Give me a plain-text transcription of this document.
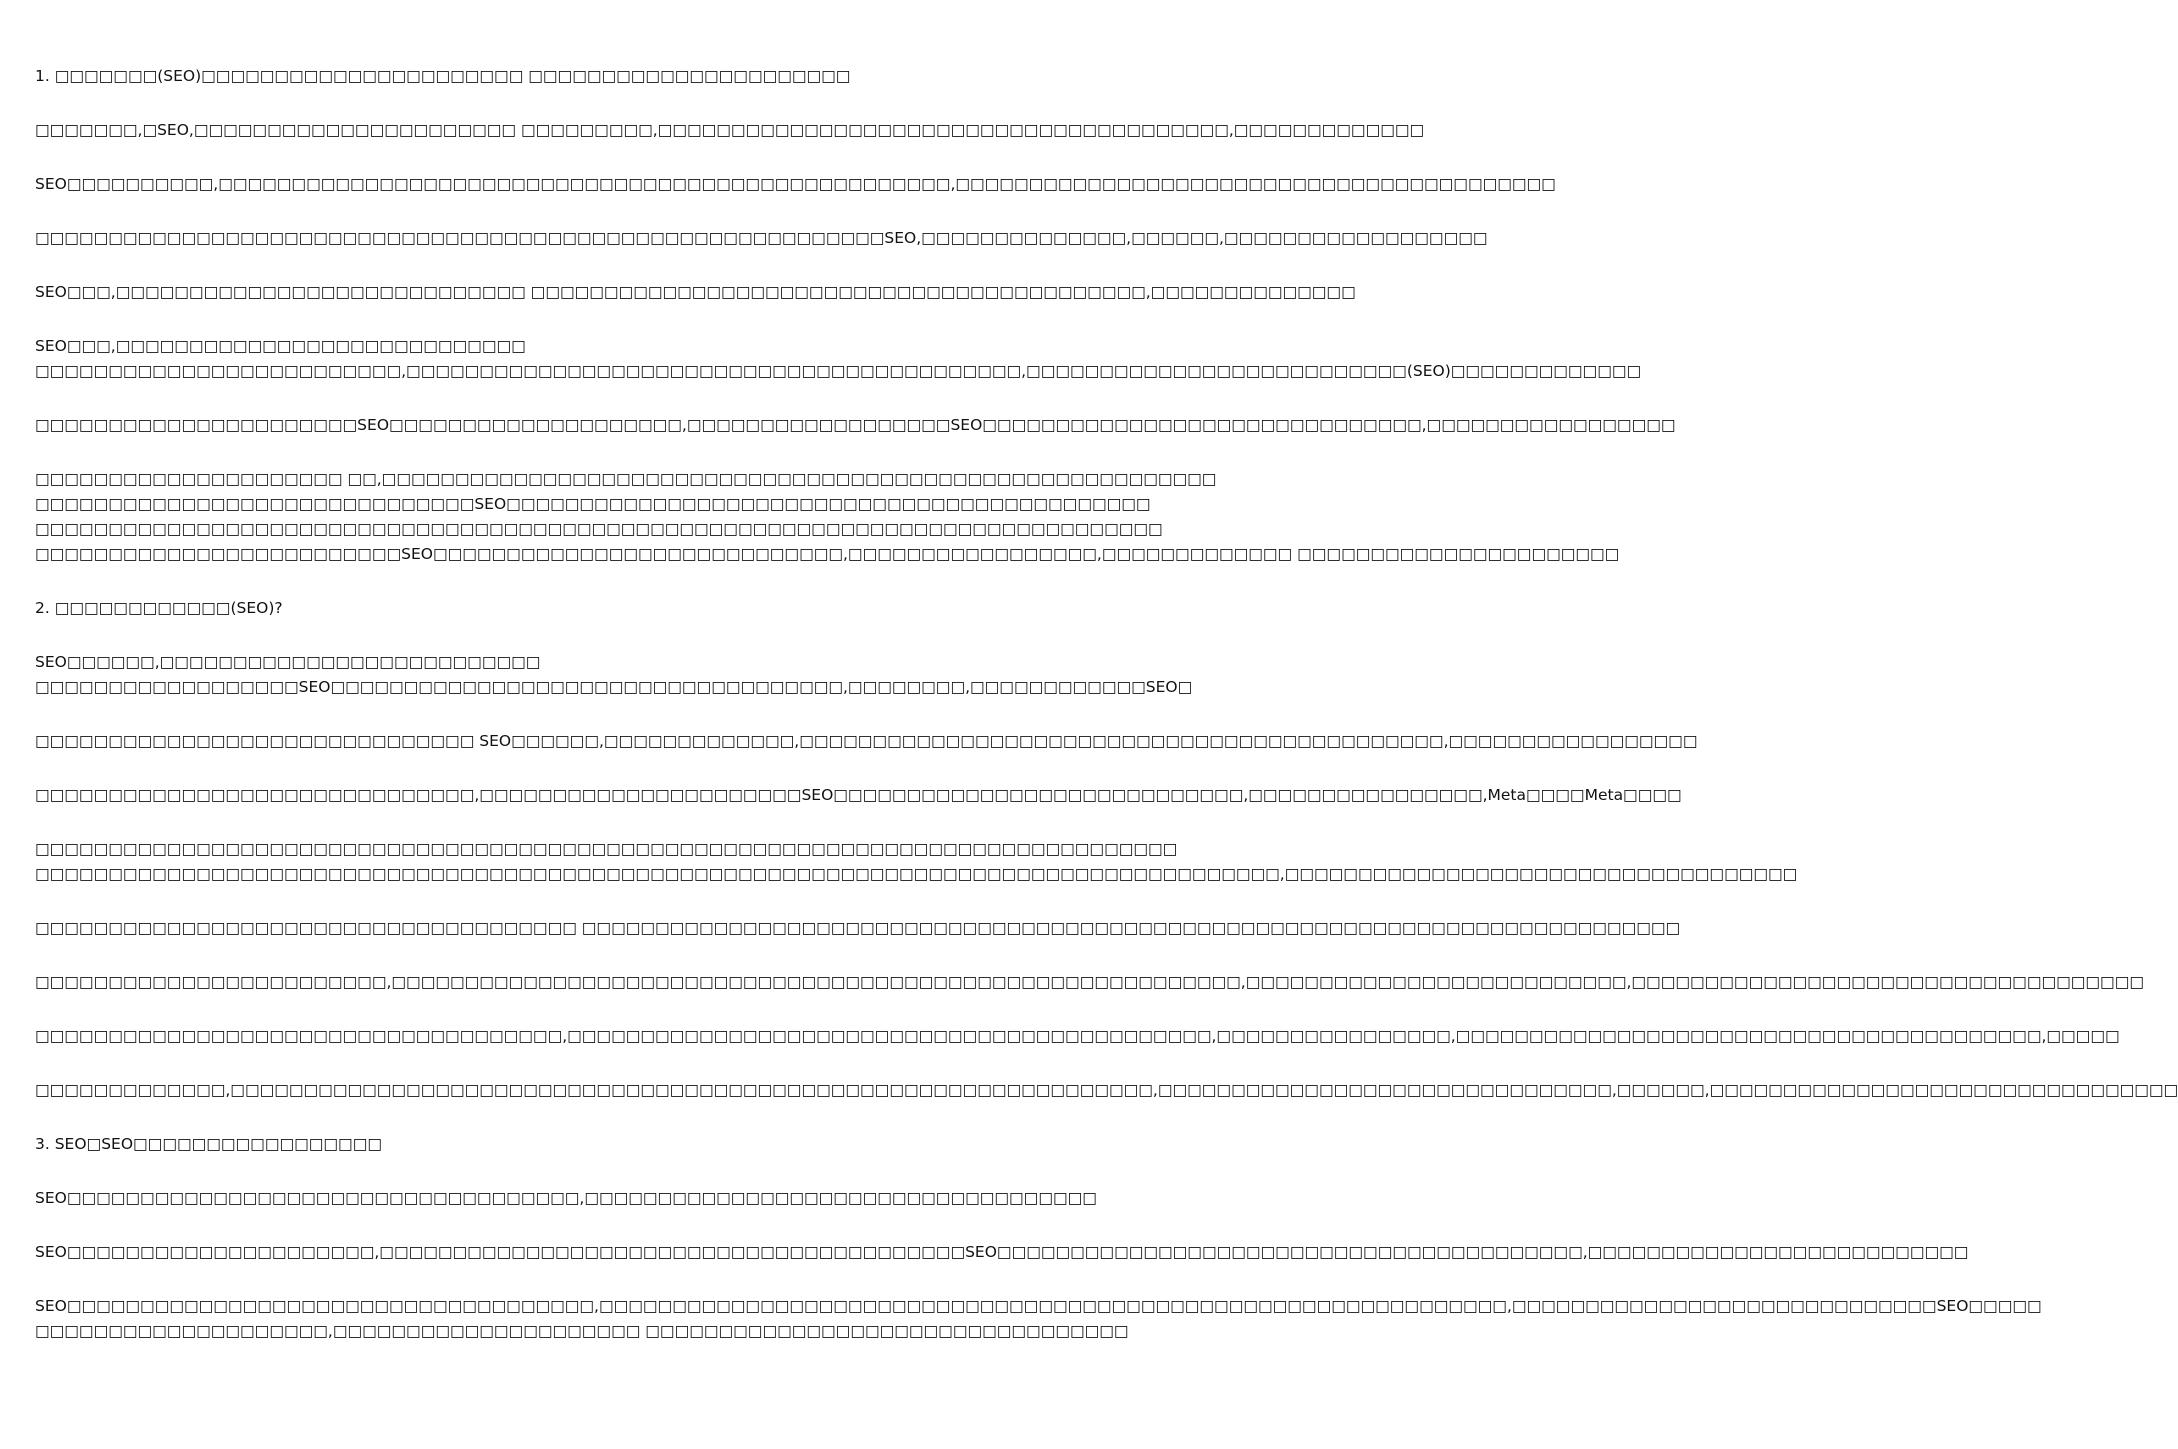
1. □□□□□□□(SEO)□□□□□□□□□□□□□□□□□□□□□□ □□□□□□□□□□□□□□□□□□□□□□
□□□□□□□,□SEO,□□□□□□□□□□□□□□□□□□□□□□ □□□□□□□□□,□□□□□□□□□□□□□□□□□□□□□□□□□□□□□□□□□□□□□□□,□□□□□□□□□□□□□
SEO□□□□□□□□□□,□□□□□□□□□□□□□□□□□□□□□□□□□□□□□□□□□□□□□□□□□□□□□□□□□□,□□□□□□□□□□□□□□□□□□□□□□□□□□□□□□□□□□□□□□□□□
□□□□□□□□□□□□□□□□□□□□□□□□□□□□□□□□□□□□□□□□□□□□□□□□□□□□□□□□□□SEO,□□□□□□□□□□□□□□,□□□□□□,□□□□□□□□□□□□□□□□□□
SEO□□□,□□□□□□□□□□□□□□□□□□□□□□□□□□□□ □□□□□□□□□□□□□□□□□□□□□□□□□□□□□□□□□□□□□□□□□□,□□□□□□□□□□□□□□
SEO□□□,□□□□□□□□□□□□□□□□□□□□□□□□□□□□
□□□□□□□□□□□□□□□□□□□□□□□□□,□□□□□□□□□□□□□□□□□□□□□□□□□□□□□□□□□□□□□□□□□□,□□□□□□□□□□□□□□□□□□□□□□□□□□(SEO)□□□□□□□□□□□□□
□□□□□□□□□□□□□□□□□□□□□□SEO□□□□□□□□□□□□□□□□□□□□,□□□□□□□□□□□□□□□□□□SEO□□□□□□□□□□□□□□□□□□□□□□□□□□□□□□,□□□□□□□□□□□□□□□□□
□□□□□□□□□□□□□□□□□□□□□ □□,□□□□□□□□□□□□□□□□□□□□□□□□□□□□□□□□□□□□□□□□□□□□□□□□□□□□□□□□□
□□□□□□□□□□□□□□□□□□□□□□□□□□□□□□SEO□□□□□□□□□□□□□□□□□□□□□□□□□□□□□□□□□□□□□□□□□□□□
□□□□□□□□□□□□□□□□□□□□□□□□□□□□□□□□□□□□□□□□□□□□□□□□□□□□□□□□□□□□□□□□□□□□□□□□□□□□□
□□□□□□□□□□□□□□□□□□□□□□□□□SEO□□□□□□□□□□□□□□□□□□□□□□□□□□□□,□□□□□□□□□□□□□□□□□,□□□□□□□□□□□□□ □□□□□□□□□□□□□□□□□□□□□□
2. □□□□□□□□□□□□(SEO)?
SEO□□□□□□,□□□□□□□□□□□□□□□□□□□□□□□□□□
□□□□□□□□□□□□□□□□□□SEO□□□□□□□□□□□□□□□□□□□□□□□□□□□□□□□□□□□,□□□□□□□□,□□□□□□□□□□□□SEO□
□□□□□□□□□□□□□□□□□□□□□□□□□□□□□□ SEO□□□□□□,□□□□□□□□□□□□□,□□□□□□□□□□□□□□□□□□□□□□□□□□□□□□□□□□□□□□□□□□□□,□□□□□□□□□□□□□□□□□
□□□□□□□□□□□□□□□□□□□□□□□□□□□□□□,□□□□□□□□□□□□□□□□□□□□□□SEO□□□□□□□□□□□□□□□□□□□□□□□□□□□□,□□□□□□□□□□□□□□□□,Meta□□□□Meta□□□□
□□□□□□□□□□□□□□□□□□□□□□□□□□□□□□□□□□□□□□□□□□□□□□□□□□□□□□□□□□□□□□□□□□□□□□□□□□□□□□
□□□□□□□□□□□□□□□□□□□□□□□□□□□□□□□□□□□□□□□□□□□□□□□□□□□□□□□□□□□□□□□□□□□□□□□□□□□□□□□□□□□□□,□□□□□□□□□□□□□□□□□□□□□□□□□□□□□□□□□□□
□□□□□□□□□□□□□□□□□□□□□□□□□□□□□□□□□□□□□ □□□□□□□□□□□□□□□□□□□□□□□□□□□□□□□□□□□□□□□□□□□□□□□□□□□□□□□□□□□□□□□□□□□□□□□□□□□
□□□□□□□□□□□□□□□□□□□□□□□□,□□□□□□□□□□□□□□□□□□□□□□□□□□□□□□□□□□□□□□□□□□□□□□□□□□□□□□□□□□,□□□□□□□□□□□□□□□□□□□□□□□□□□,□□□□□□□□□□□□□□□□□□□□□□□□□□□□□□□□□□□
□□□□□□□□□□□□□□□□□□□□□□□□□□□□□□□□□□□□,□□□□□□□□□□□□□□□□□□□□□□□□□□□□□□□□□□□□□□□□□□□□,□□□□□□□□□□□□□□□□,□□□□□□□□□□□□□□□□□□□□□□□□□□□□□□□□□□□□□□□□,□□□□□
□□□□□□□□□□□□□,□□□□□□□□□□□□□□□□□□□□□□□□□□□□□□□□□□□□□□□□□□□□□□□□□□□□□□□□□□□□□□□,□□□□□□□□□□□□□□□□□□□□□□□□□□□□□□□,□□□□□□,□□□□□□□□□□□□□□□□□□□□□□□□□□□□□□□□
3. SEO□SEO□□□□□□□□□□□□□□□□□
SEO□□□□□□□□□□□□□□□□□□□□□□□□□□□□□□□□□□□,□□□□□□□□□□□□□□□□□□□□□□□□□□□□□□□□□□□
SEO□□□□□□□□□□□□□□□□□□□□□,□□□□□□□□□□□□□□□□□□□□□□□□□□□□□□□□□□□□□□□□SEO□□□□□□□□□□□□□□□□□□□□□□□□□□□□□□□□□□□□□□□□,□□□□□□□□□□□□□□□□□□□□□□□□□□
SEO□□□□□□□□□□□□□□□□□□□□□□□□□□□□□□□□□□□□,□□□□□□□□□□□□□□□□□□□□□□□□□□□□□□□□□□□□□□□□□□□□□□□□□□□□□□□□□□□□□□,□□□□□□□□□□□□□□□□□□□□□□□□□□□□□SEO□□□□□
□□□□□□□□□□□□□□□□□□□□,□□□□□□□□□□□□□□□□□□□□□ □□□□□□□□□□□□□□□□□□□□□□□□□□□□□□□□□
